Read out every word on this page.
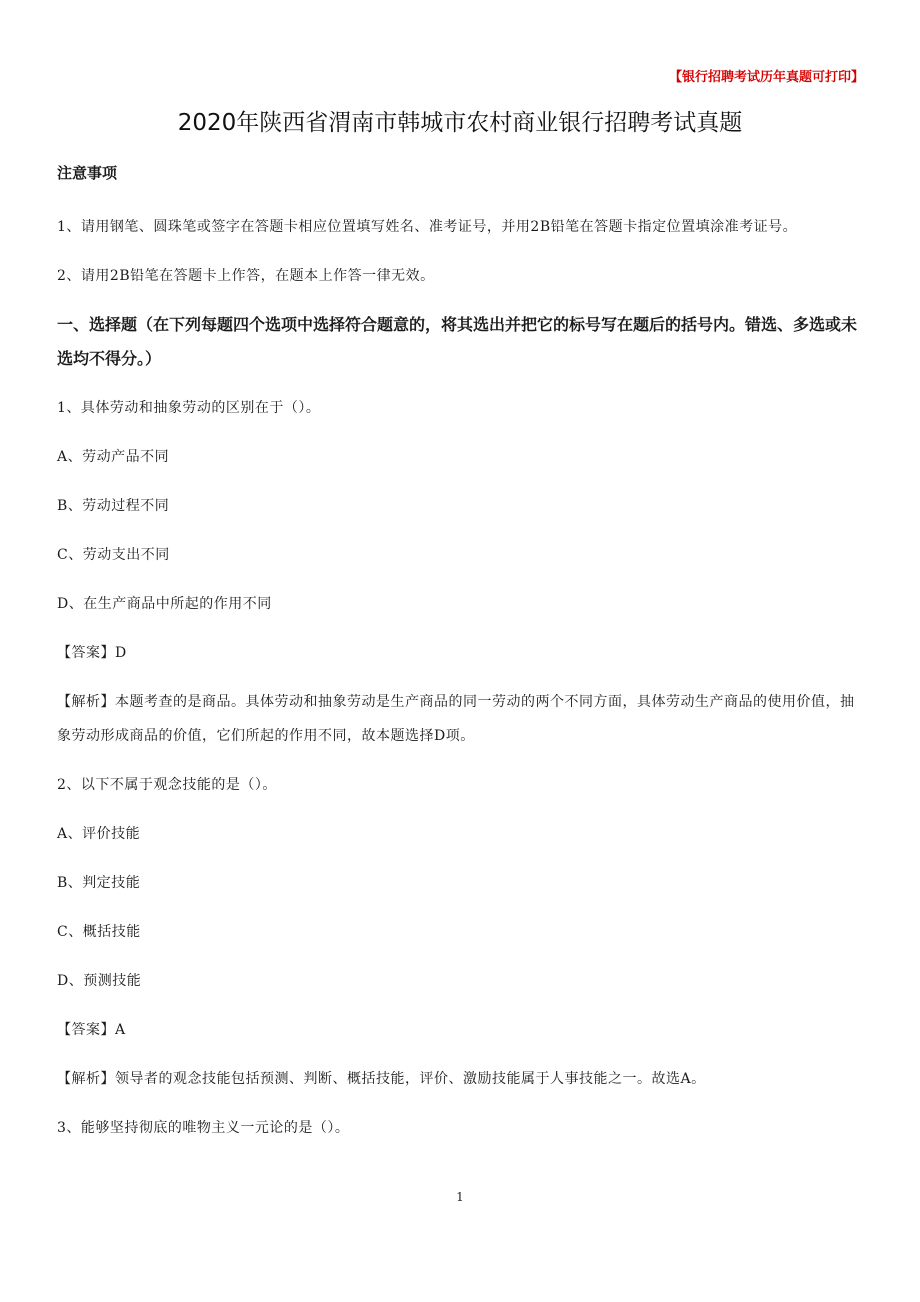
【银行招聘考试历年真题可打印】
2020年陕西省渭南市韩城市农村商业银行招聘考试真题
注意事项

1、请用钢笔、圆珠笔或签字在答题卡相应位置填写姓名、准考证号，并用2B铅笔在答题卡指定位置填涂准考证号。

2、请用2B铅笔在答题卡上作答，在题本上作答一律无效。

一、选择题（在下列每题四个选项中选择符合题意的，将其选出并把它的标号写在题后的括号内。错选、多选或未选均不得分。）

1、具体劳动和抽象劳动的区别在于（）。

A、劳动产品不同

B、劳动过程不同

C、劳动支出不同

D、在生产商品中所起的作用不同

【答案】D

【解析】本题考查的是商品。具体劳动和抽象劳动是生产商品的同一劳动的两个不同方面，具体劳动生产商品的使用价值，抽象劳动形成商品的价值，它们所起的作用不同，故本题选择D项。

2、以下不属于观念技能的是（）。

A、评价技能

B、判定技能

C、概括技能

D、预测技能

【答案】A

【解析】领导者的观念技能包括预测、判断、概括技能，评价、激励技能属于人事技能之一。故选A。

3、能够坚持彻底的唯物主义一元论的是（）。

1
